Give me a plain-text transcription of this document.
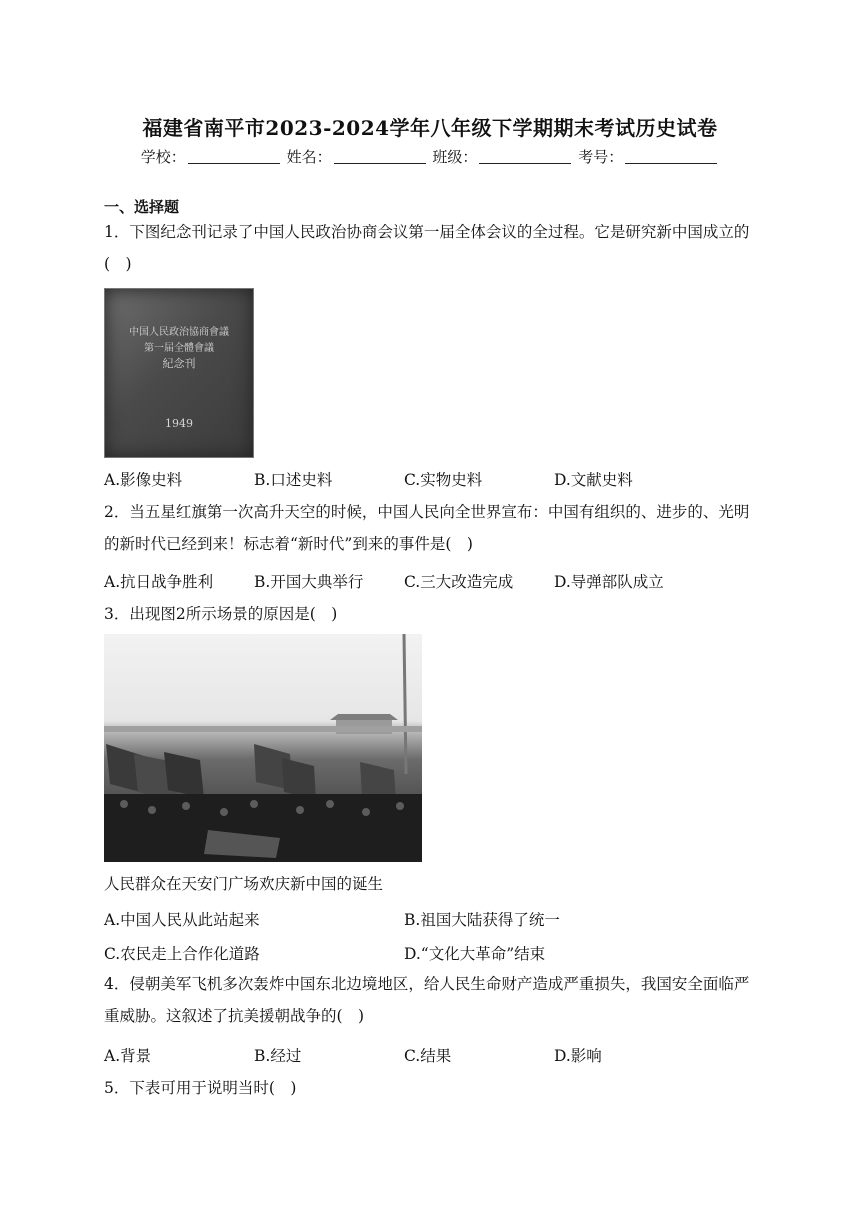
福建省南平市2023-2024学年八年级下学期期末考试历史试卷
学校：	姓名：	班级：	考号：
一、选择题
1．下图纪念刊记录了中国人民政治协商会议第一届全体会议的全过程。它是研究新中国成立的(　)
中国人民政治協商會議
第一届全體會議
紀念刊
1949
A.影像史料	B.口述史料	C.实物史料	D.文献史料
2．当五星红旗第一次高升天空的时候，中国人民向全世界宣布：中国有组织的、进步的、光明的新时代已经到来！标志着“新时代”到来的事件是(　)
A.抗日战争胜利	B.开国大典举行	C.三大改造完成	D.导弹部队成立
3．出现图2所示场景的原因是(　)
人民群众在天安门广场欢庆新中国的诞生
A.中国人民从此站起来	B.祖国大陆获得了统一
C.农民走上合作化道路	D.“文化大革命”结束
4．侵朝美军飞机多次轰炸中国东北边境地区，给人民生命财产造成严重损失，我国安全面临严重威胁。这叙述了抗美援朝战争的(　)
A.背景	B.经过	C.结果	D.影响
5．下表可用于说明当时(　)
